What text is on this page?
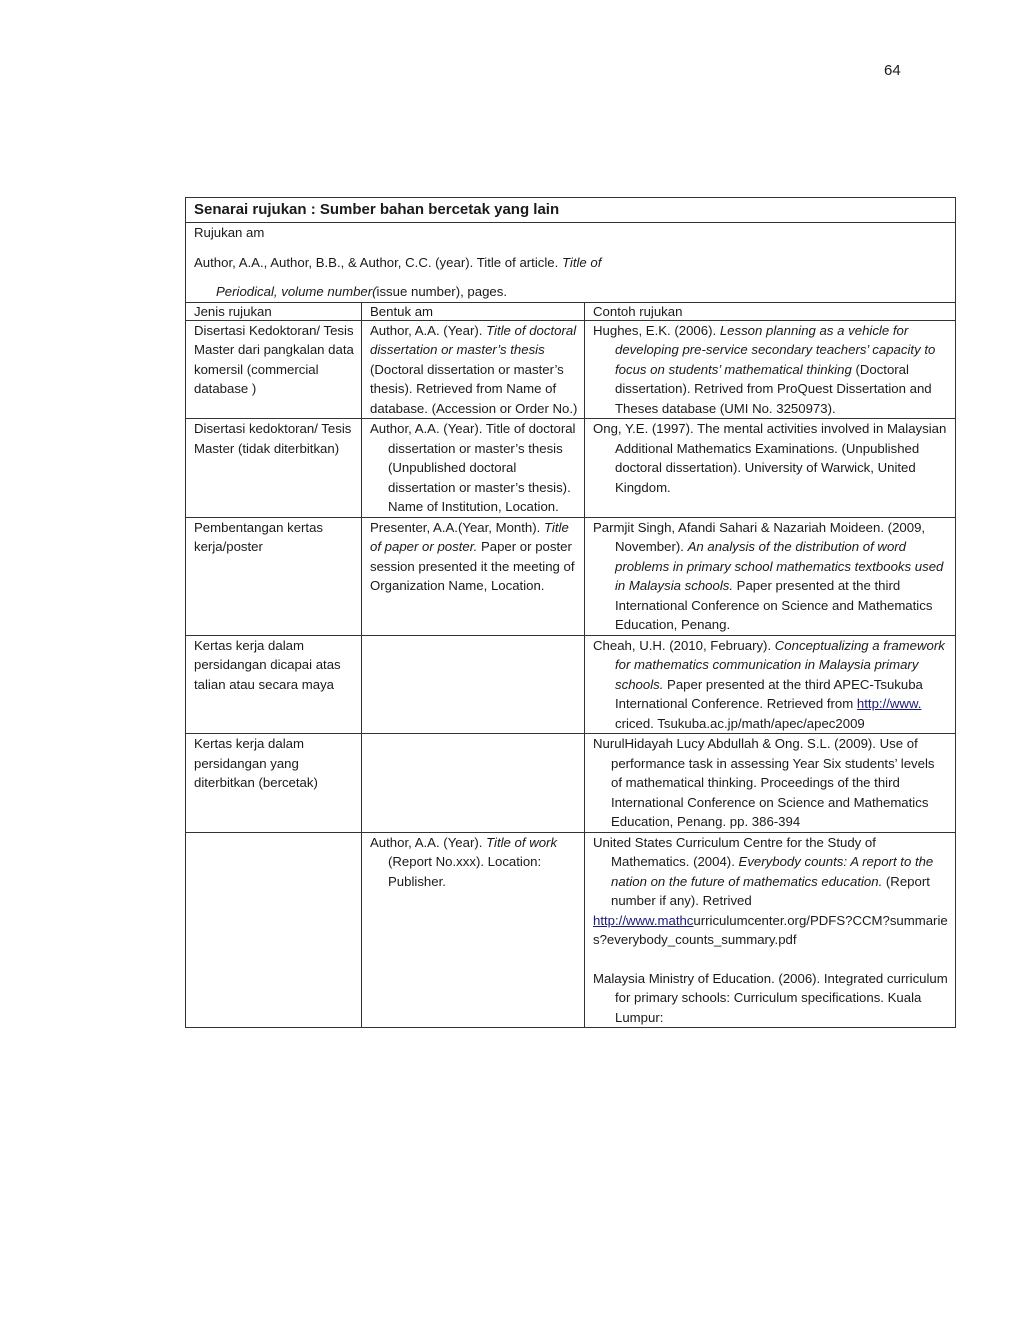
64
Senarai rujukan : Sumber bahan bercetak yang lain		

Rujukan am

Author, A.A., Author, B.B., & Author, C.C. (year). Title of article. Title of

Periodical, volume number(issue number), pages.		

Jenis rujukan	Bentuk am	Contoh rujukan

Disertasi Kedoktoran/ Tesis Master dari pangkalan data komersil (commercial database )	Author, A.A. (Year). Title of doctoral dissertation or master’s thesis (Doctoral dissertation or master’s thesis). Retrieved from Name of database. (Accession or Order No.)	Hughes, E.K. (2006). Lesson planning as a vehicle for developing pre-service secondary teachers’ capacity to focus on students’ mathematical thinking (Doctoral dissertation). Retrived from ProQuest Dissertation and Theses database (UMI No. 3250973).

Disertasi kedoktoran/ Tesis Master (tidak diterbitkan)	Author, A.A. (Year). Title of doctoral dissertation or master’s thesis (Unpublished doctoral dissertation or master’s thesis). Name of Institution, Location.	Ong, Y.E. (1997). The mental activities involved in Malaysian Additional Mathematics Examinations. (Unpublished doctoral dissertation). University of Warwick, United Kingdom.

Pembentangan kertas kerja/poster	Presenter, A.A.(Year, Month). Title of paper or poster. Paper or poster session presented it the meeting of Organization Name, Location.	Parmjit Singh, Afandi Sahari & Nazariah Moideen. (2009, November). An analysis of the distribution of word problems in primary school mathematics textbooks used in Malaysia schools. Paper presented at the third International Conference on Science and Mathematics Education, Penang.

Kertas kerja dalam persidangan dicapai atas talian atau secara maya		Cheah, U.H. (2010, February). Conceptualizing a framework for mathematics communication in Malaysia primary schools. Paper presented at the third APEC-Tsukuba International Conference. Retrieved from http://www. criced. Tsukuba.ac.jp/math/apec/apec2009

Kertas kerja dalam persidangan yang diterbitkan (bercetak)		NurulHidayah Lucy Abdullah & Ong. S.L. (2009). Use of performance task in assessing Year Six students’ levels of mathematical thinking. Proceedings of the third International Conference on Science and Mathematics Education, Penang. pp. 386-394

	Author, A.A. (Year). Title of work (Report No.xxx). Location: Publisher.	United States Curriculum Centre for the Study of Mathematics. (2004). Everybody counts: A report to the nation on the future of mathematics education. (Report number if any). Retrived

http://www.mathcurriculumcenter.org/PDFS?CCM?summaries?everybody_counts_summary.pdf

Malaysia Ministry of Education. (2006). Integrated curriculum for primary schools: Curriculum specifications. Kuala Lumpur:
